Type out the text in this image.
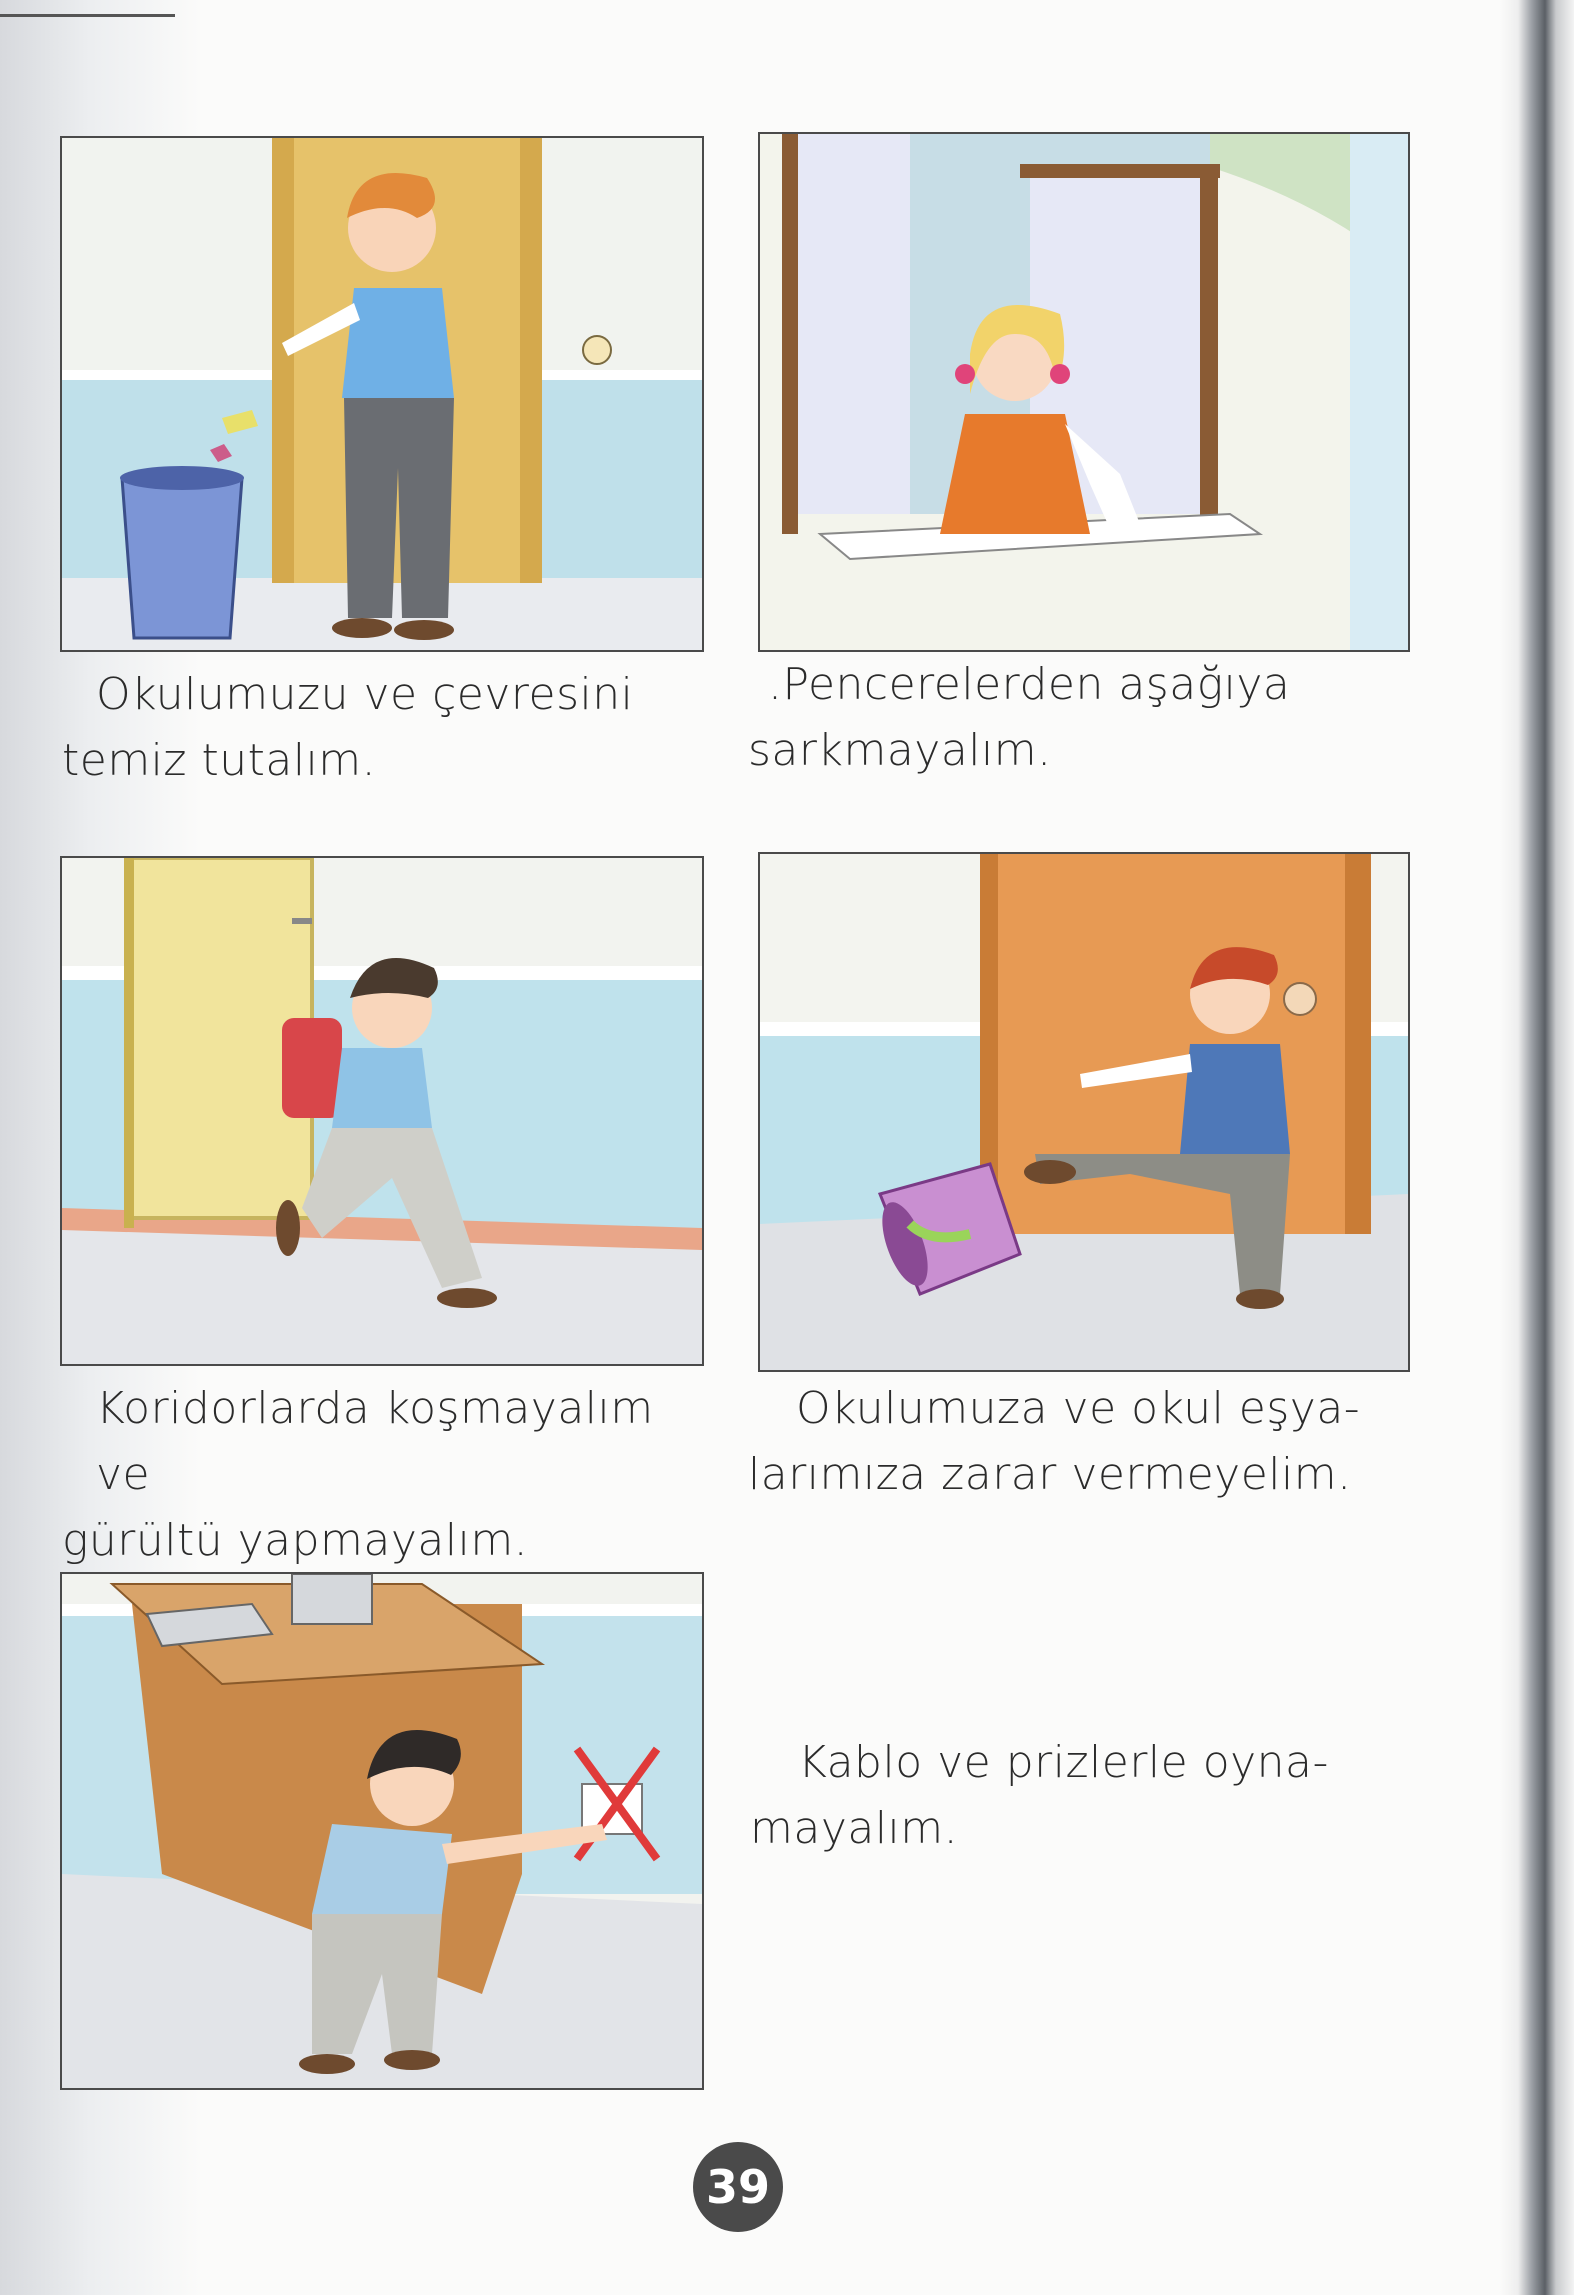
Okulumuzu ve çevresini
temiz tutalım.
.Pencerelerden aşağıya
sarkmayalım.
Koridorlarda koşmayalım ve
gürültü yapmayalım.
Okulumuza ve okul eşya-
larımıza zarar vermeyelim.
Kablo ve prizlerle oyna-
mayalım.
39
